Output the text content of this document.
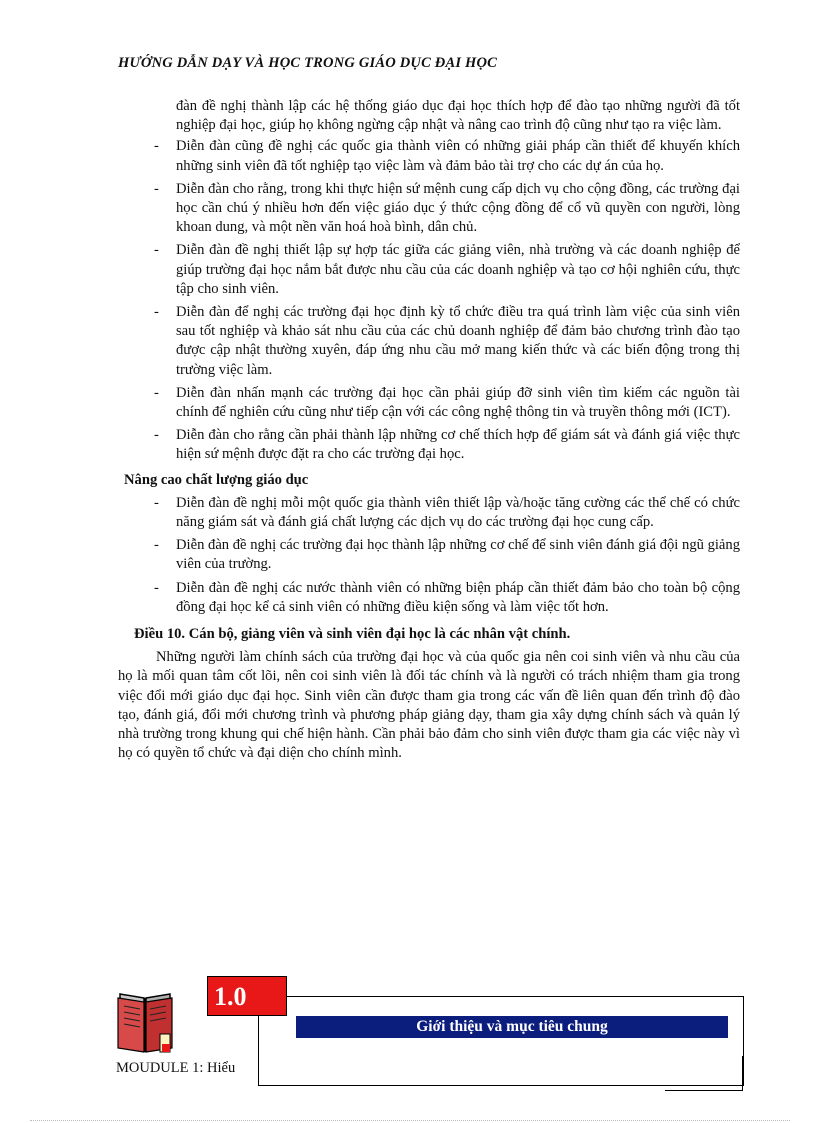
HƯỚNG DẪN DẠY VÀ HỌC TRONG GIÁO DỤC ĐẠI HỌC

đàn đề nghị thành lập các hệ thống giáo dục đại học thích hợp để đào tạo những người đã tốt nghiệp đại học, giúp họ không ngừng cập nhật và nâng cao trình độ cũng như tạo ra việc làm.

- Diễn đàn cũng đề nghị các quốc gia thành viên có những giải pháp cần thiết để khuyến khích những sinh viên đã tốt nghiệp tạo việc làm và đảm bảo tài trợ cho các dự án của họ.
- Diễn đàn cho rằng, trong khi thực hiện sứ mệnh cung cấp dịch vụ cho cộng đồng, các trường đại học cần chú ý nhiều hơn đến việc giáo dục ý thức cộng đồng để cổ vũ quyền con người, lòng khoan dung, và một nền văn hoá hoà bình, dân chủ.
- Diễn đàn đề nghị thiết lập sự hợp tác giữa các giảng viên, nhà trường và các doanh nghiệp để giúp trường đại học nắm bắt được nhu cầu của các doanh nghiệp và tạo cơ hội nghiên cứu, thực tập cho sinh viên.
- Diễn đàn để nghị các trường đại học định kỳ tổ chức điều tra quá trình làm việc của sinh viên sau tốt nghiệp và khảo sát nhu cầu của các chủ doanh nghiệp để đảm bảo chương trình đào tạo được cập nhật thường xuyên, đáp ứng nhu cầu mở mang kiến thức và các biến động trong thị trường việc làm.
- Diễn đàn nhấn mạnh các trường đại học cần phải giúp đỡ sinh viên tìm kiếm các nguồn tài chính để nghiên cứu cũng như tiếp cận với các công nghệ thông tin và truyền thông mới (ICT).
- Diễn đàn cho rằng cần phải thành lập những cơ chế thích hợp để giám sát và đánh giá việc thực hiện sứ mệnh được đặt ra cho các trường đại học.
Nâng cao chất lượng giáo dục
- Diễn đàn đề nghị mỗi một quốc gia thành viên thiết lập và/hoặc tăng cường các thể chế có chức năng giám sát và đánh giá chất lượng các dịch vụ do các trường đại học cung cấp.
- Diễn đàn đề nghị các trường đại học thành lập những cơ chế để sinh viên đánh giá đội ngũ giảng viên của trường.
- Diễn đàn đề nghị các nước thành viên có những biện pháp cần thiết đảm bảo cho toàn bộ cộng đồng đại học kể cả sinh viên có những điều kiện sống và làm việc tốt hơn.
Điều 10. Cán bộ, giảng viên và sinh viên đại học là các nhân vật chính.

Những người làm chính sách của trường đại học và của quốc gia nên coi sinh viên và nhu cầu của họ là mối quan tâm cốt lõi, nên coi sinh viên là đối tác chính và là người có trách nhiệm tham gia trong việc đổi mới giáo dục đại học. Sinh viên cần được tham gia trong các vấn đề liên quan đến trình độ đào tạo, đánh giá, đổi mới chương trình và phương pháp giảng dạy, tham gia xây dựng chính sách và quản lý nhà trường trong khung qui chế hiện hành. Cần phải bảo đảm cho sinh viên được tham gia các việc này vì họ có quyền tổ chức và đại diện cho chính mình.

Giới thiệu và mục tiêu chung
1.0
MOUDULE 1: Hiểu
